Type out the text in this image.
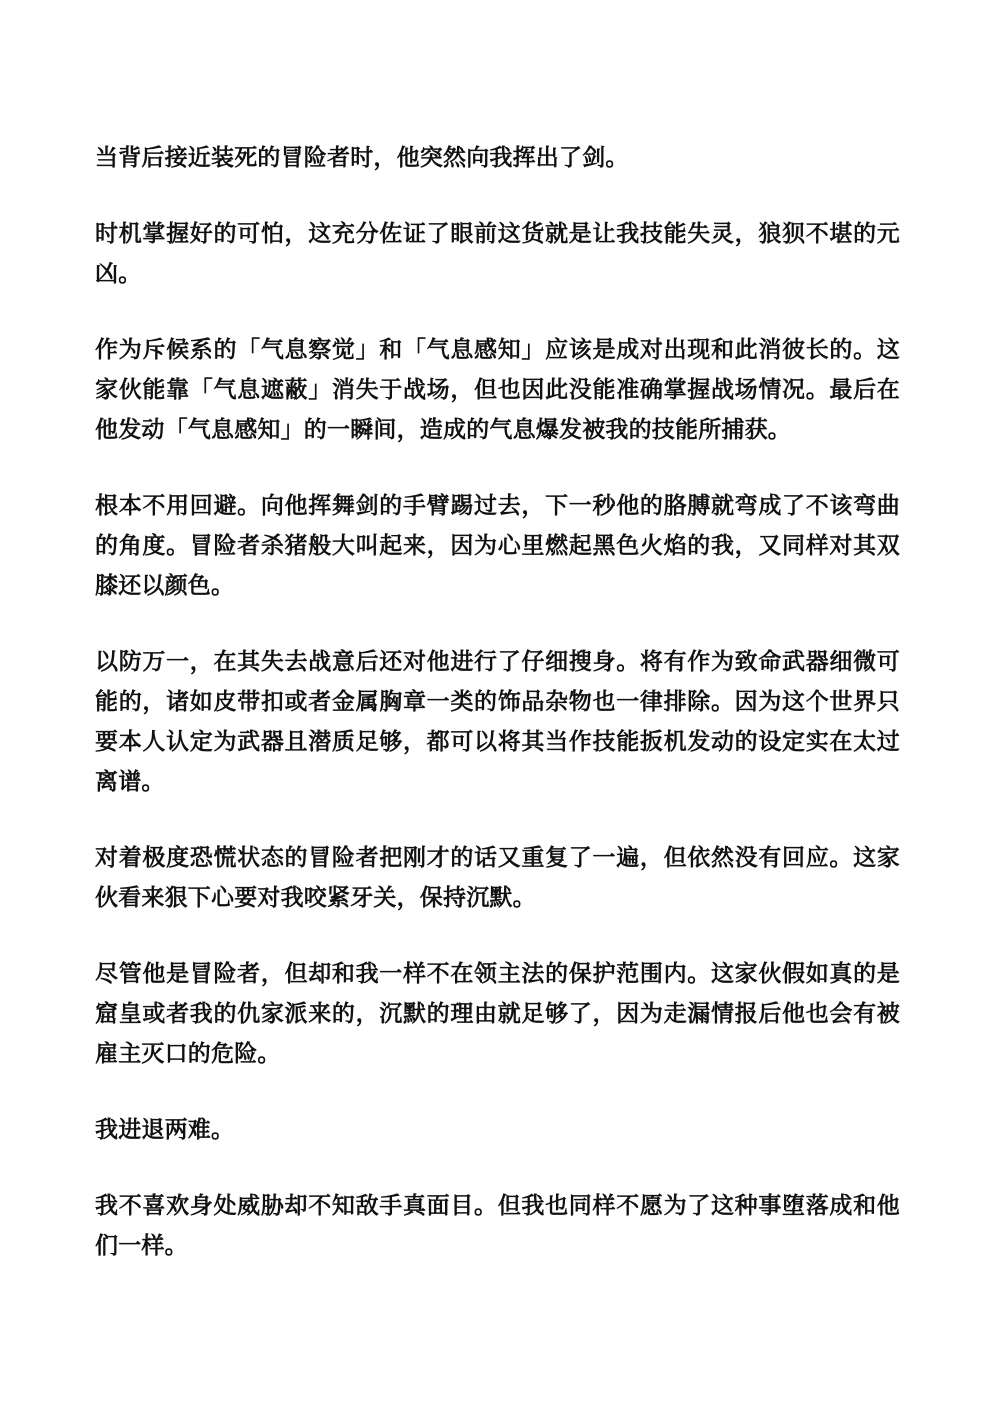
当背后接近装死的冒险者时，他突然向我挥出了剑。

时机掌握好的可怕，这充分佐证了眼前这货就是让我技能失灵，狼狈不堪的元凶。

作为斥候系的「气息察觉」和「气息感知」应该是成对出现和此消彼长的。这家伙能靠「气息遮蔽」消失于战场，但也因此没能准确掌握战场情况。最后在他发动「气息感知」的一瞬间，造成的气息爆发被我的技能所捕获。

根本不用回避。向他挥舞剑的手臂踢过去，下一秒他的胳膊就弯成了不该弯曲的角度。冒险者杀猪般大叫起来，因为心里燃起黑色火焰的我，又同样对其双膝还以颜色。

以防万一，在其失去战意后还对他进行了仔细搜身。将有作为致命武器细微可能的，诸如皮带扣或者金属胸章一类的饰品杂物也一律排除。因为这个世界只要本人认定为武器且潜质足够，都可以将其当作技能扳机发动的设定实在太过离谱。

对着极度恐慌状态的冒险者把刚才的话又重复了一遍，但依然没有回应。这家伙看来狠下心要对我咬紧牙关，保持沉默。

尽管他是冒险者，但却和我一样不在领主法的保护范围内。这家伙假如真的是窟皇或者我的仇家派来的，沉默的理由就足够了，因为走漏情报后他也会有被雇主灭口的危险。

我进退两难。

我不喜欢身处威胁却不知敌手真面目。但我也同样不愿为了这种事堕落成和他们一样。
